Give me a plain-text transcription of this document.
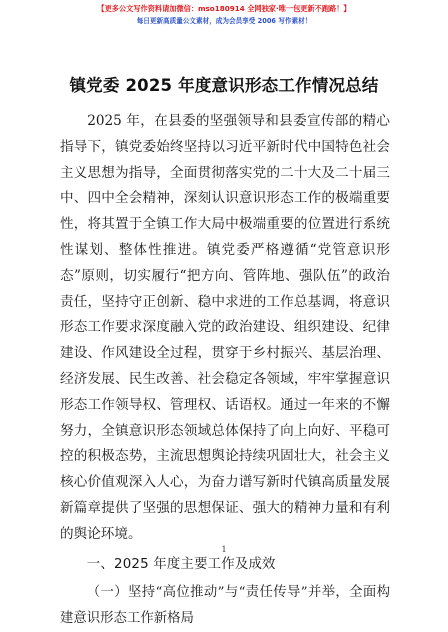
【更多公文写作资料请加微信：mso180914 全网独家·唯一包更新不跑路！】
每日更新高质量公文素材，成为会员享受 2006 写作素材！
镇党委 2025 年度意识形态工作情况总结

2025 年，在县委的坚强领导和县委宣传部的精心指导下，镇党委始终坚持以习近平新时代中国特色社会主义思想为指导，全面贯彻落实党的二十大及二十届三中、四中全会精神，深刻认识意识形态工作的极端重要性，将其置于全镇工作大局中极端重要的位置进行系统性谋划、整体性推进。镇党委严格遵循“党管意识形态”原则，切实履行“把方向、管阵地、强队伍”的政治责任，坚持守正创新、稳中求进的工作总基调，将意识形态工作要求深度融入党的政治建设、组织建设、纪律建设、作风建设全过程，贯穿于乡村振兴、基层治理、经济发展、民生改善、社会稳定各领域，牢牢掌握意识形态工作领导权、管理权、话语权。通过一年来的不懈努力，全镇意识形态领域总体保持了向上向好、平稳可控的积极态势，主流思想舆论持续巩固壮大，社会主义核心价值观深入人心，为奋力谱写新时代镇高质量发展新篇章提供了坚强的思想保证、强大的精神力量和有利的舆论环境。

一、2025 年度主要工作及成效

（一）坚持“高位推动”与“责任传导”并举，全面构建意识形态工作新格局

1
